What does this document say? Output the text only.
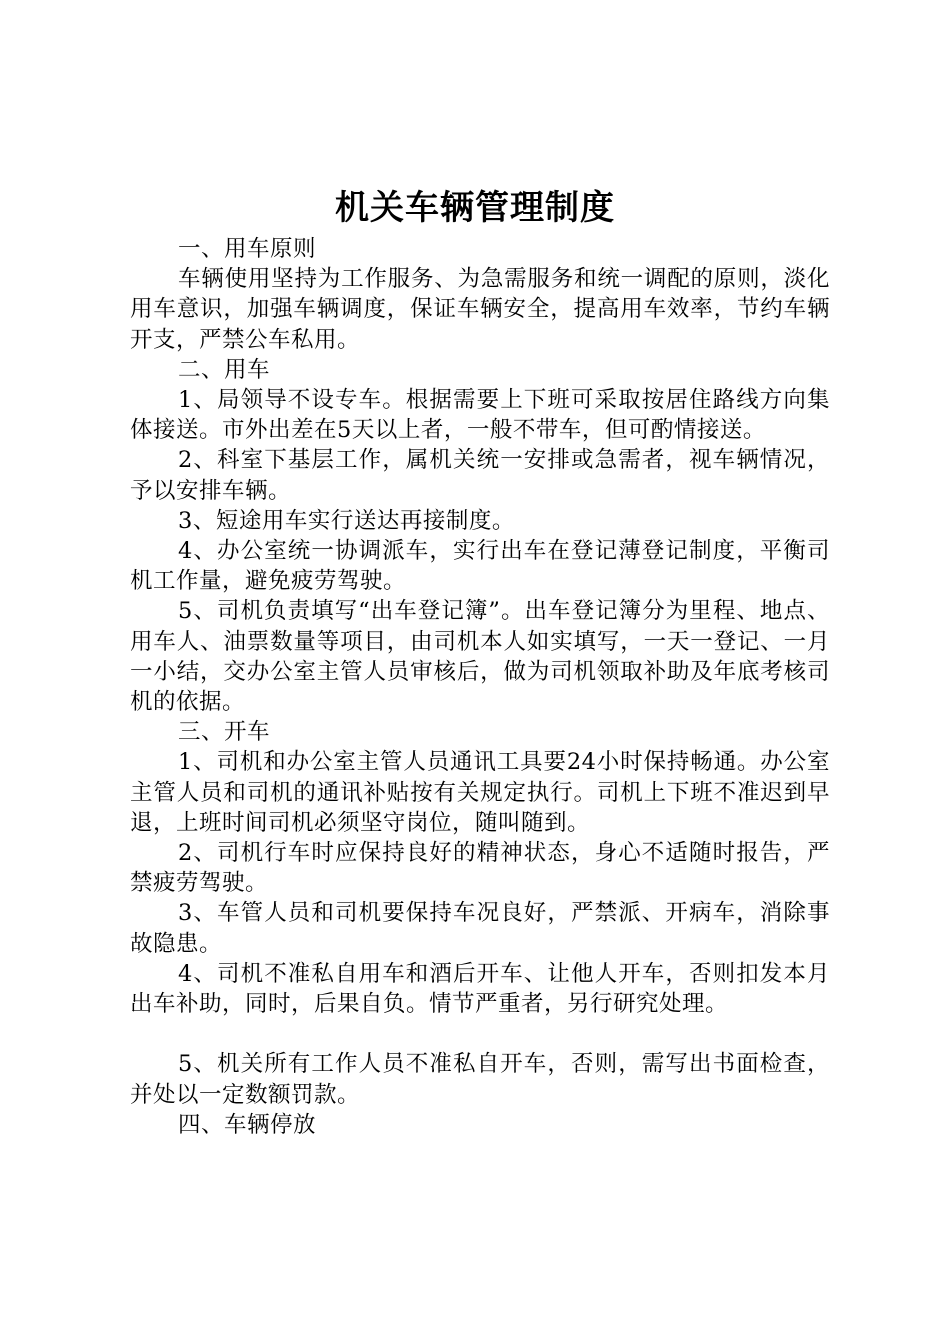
机关车辆管理制度
一、用车原则

车辆使用坚持为工作服务、为急需服务和统一调配的原则，淡化用车意识，加强车辆调度，保证车辆安全，提高用车效率，节约车辆开支，严禁公车私用。

二、用车

1、局领导不设专车。根据需要上下班可采取按居住路线方向集体接送。市外出差在5天以上者，一般不带车，但可酌情接送。

2、科室下基层工作，属机关统一安排或急需者，视车辆情况，予以安排车辆。

3、短途用车实行送达再接制度。

4、办公室统一协调派车，实行出车在登记薄登记制度，平衡司机工作量，避免疲劳驾驶。

5、司机负责填写“出车登记簿”。出车登记簿分为里程、地点、用车人、油票数量等项目，由司机本人如实填写，一天一登记、一月一小结，交办公室主管人员审核后，做为司机领取补助及年底考核司机的依据。

三、开车

1、司机和办公室主管人员通讯工具要24小时保持畅通。办公室主管人员和司机的通讯补贴按有关规定执行。司机上下班不准迟到早退，上班时间司机必须坚守岗位，随叫随到。

2、司机行车时应保持良好的精神状态，身心不适随时报告，严禁疲劳驾驶。

3、车管人员和司机要保持车况良好，严禁派、开病车，消除事故隐患。

4、司机不准私自用车和酒后开车、让他人开车，否则扣发本月出车补助，同时，后果自负。情节严重者，另行研究处理。

5、机关所有工作人员不准私自开车，否则，需写出书面检查，并处以一定数额罚款。

四、车辆停放
